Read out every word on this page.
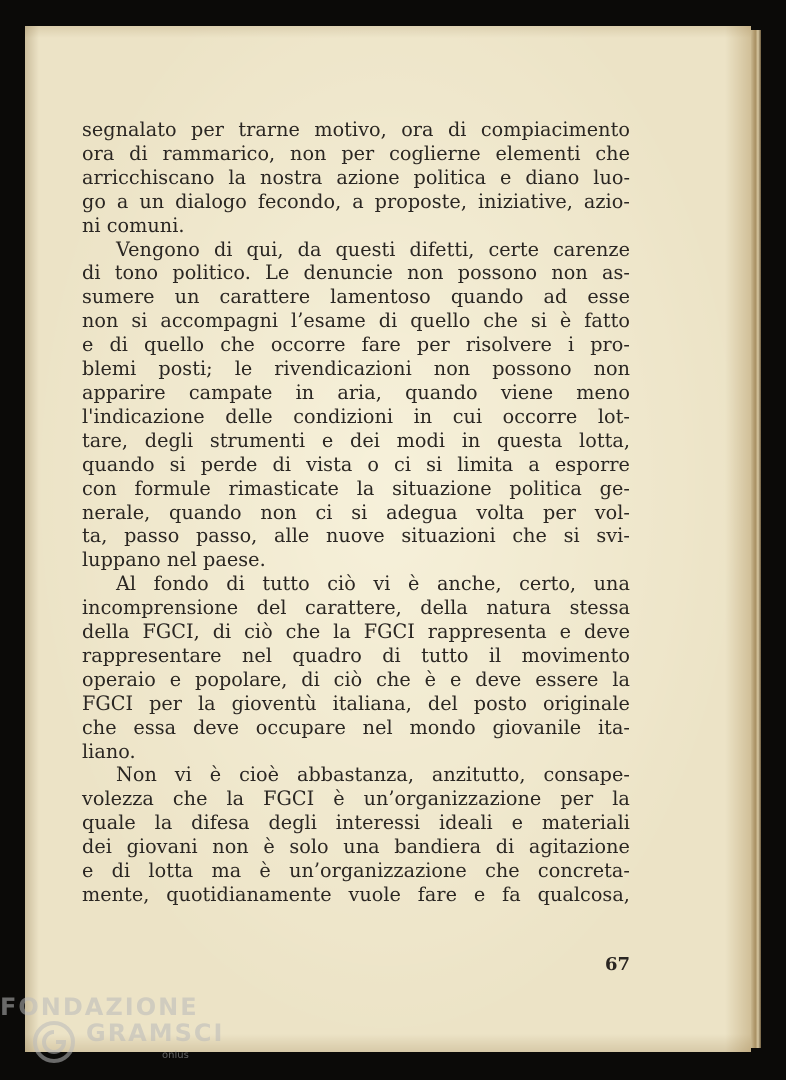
segnalato per trarne motivo, ora di compiacimento
ora di rammarico, non per coglierne elementi che
arricchiscano la nostra azione politica e diano luo-
go a un dialogo fecondo, a proposte, iniziative, azio-
ni comuni.
Vengono di qui, da questi difetti, certe carenze
di tono politico. Le denuncie non possono non as-
sumere un carattere lamentoso quando ad esse
non si accompagni l’esame di quello che si è fatto
e di quello che occorre fare per risolvere i pro-
blemi posti; le rivendicazioni non possono non
apparire campate in aria, quando viene meno
l'indicazione delle condizioni in cui occorre lot-
tare, degli strumenti e dei modi in questa lotta,
quando si perde di vista o ci si limita a esporre
con formule rimasticate la situazione politica ge-
nerale, quando non ci si adegua volta per vol-
ta, passo passo, alle nuove situazioni che si svi-
luppano nel paese.
Al fondo di tutto ciò vi è anche, certo, una
incomprensione del carattere, della natura stessa
della FGCI, di ciò che la FGCI rappresenta e deve
rappresentare nel quadro di tutto il movimento
operaio e popolare, di ciò che è e deve essere la
FGCI per la gioventù italiana, del posto originale
che essa deve occupare nel mondo giovanile ita-
liano.
Non vi è cioè abbastanza, anzitutto, consape-
volezza che la FGCI è un’organizzazione per la
quale la difesa degli interessi ideali e materiali
dei giovani non è solo una bandiera di agitazione
e di lotta ma è un’organizzazione che concreta-
mente, quotidianamente vuole fare e fa qualcosa,
67
FONDAZIONE
GRAMSCI
onlus
